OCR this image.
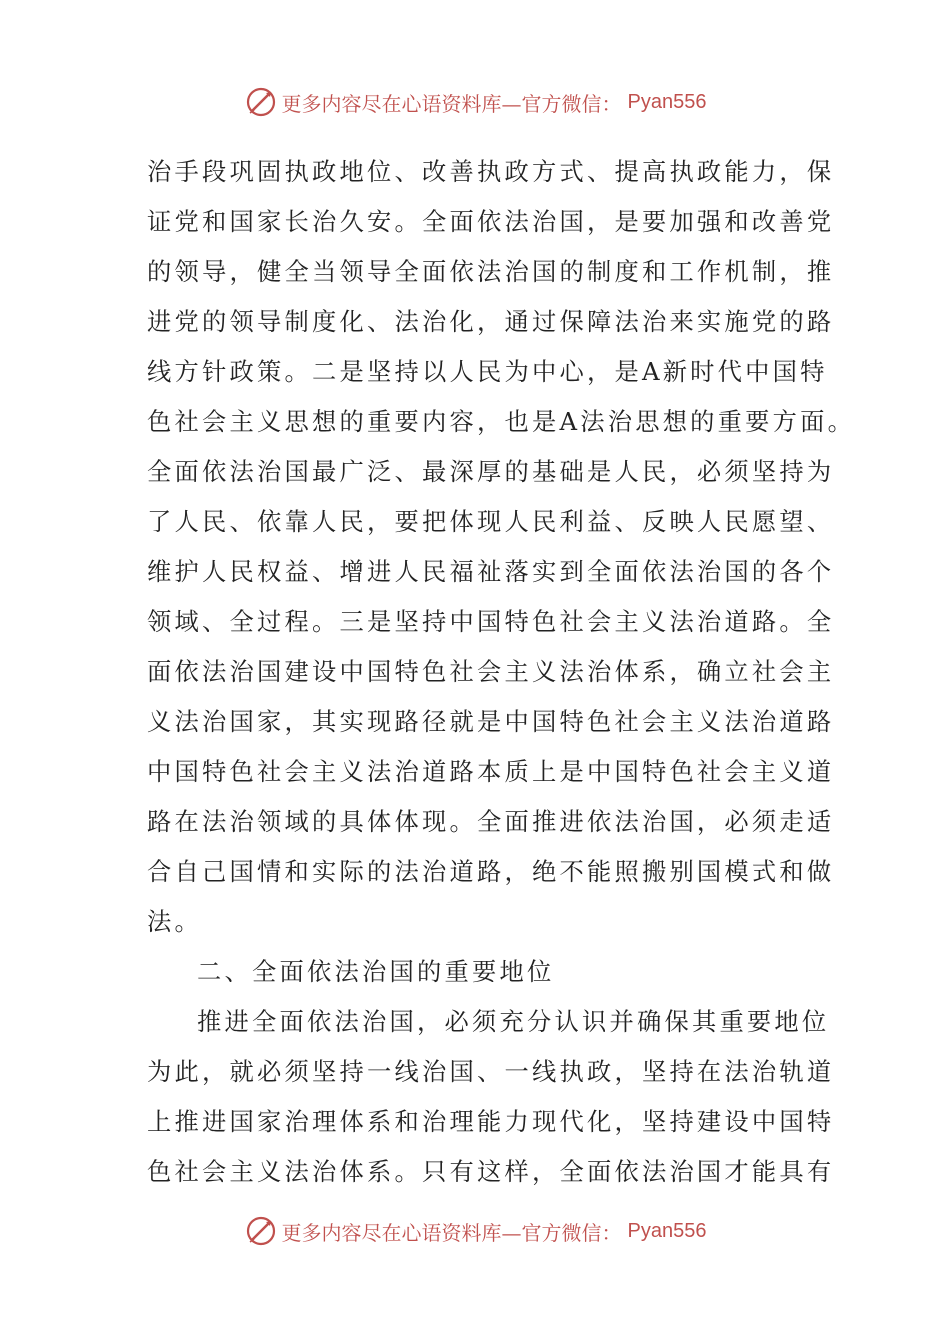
更多内容尽在心语资料库—官方微信： Pyan556
治手段巩固执政地位、改善执政方式、提高执政能力，保
证党和国家长治久安。全面依法治国，是要加强和改善党
的领导，健全当领导全面依法治国的制度和工作机制，推
进党的领导制度化、法治化，通过保障法治来实施党的路
线方针政策。二是坚持以人民为中心，是A新时代中国特
色社会主义思想的重要内容，也是A法治思想的重要方面。
全面依法治国最广泛、最深厚的基础是人民，必须坚持为
了人民、依靠人民，要把体现人民利益、反映人民愿望、
维护人民权益、增进人民福祉落实到全面依法治国的各个
领域、全过程。三是坚持中国特色社会主义法治道路。全
面依法治国建设中国特色社会主义法治体系，确立社会主
义法治国家，其实现路径就是中国特色社会主义法治道路
中国特色社会主义法治道路本质上是中国特色社会主义道
路在法治领域的具体体现。全面推进依法治国，必须走适
合自己国情和实际的法治道路，绝不能照搬别国模式和做
法。
二、全面依法治国的重要地位
推进全面依法治国，必须充分认识并确保其重要地位
为此，就必须坚持一线治国、一线执政，坚持在法治轨道
上推进国家治理体系和治理能力现代化，坚持建设中国特
色社会主义法治体系。只有这样，全面依法治国才能具有
更多内容尽在心语资料库—官方微信： Pyan556
